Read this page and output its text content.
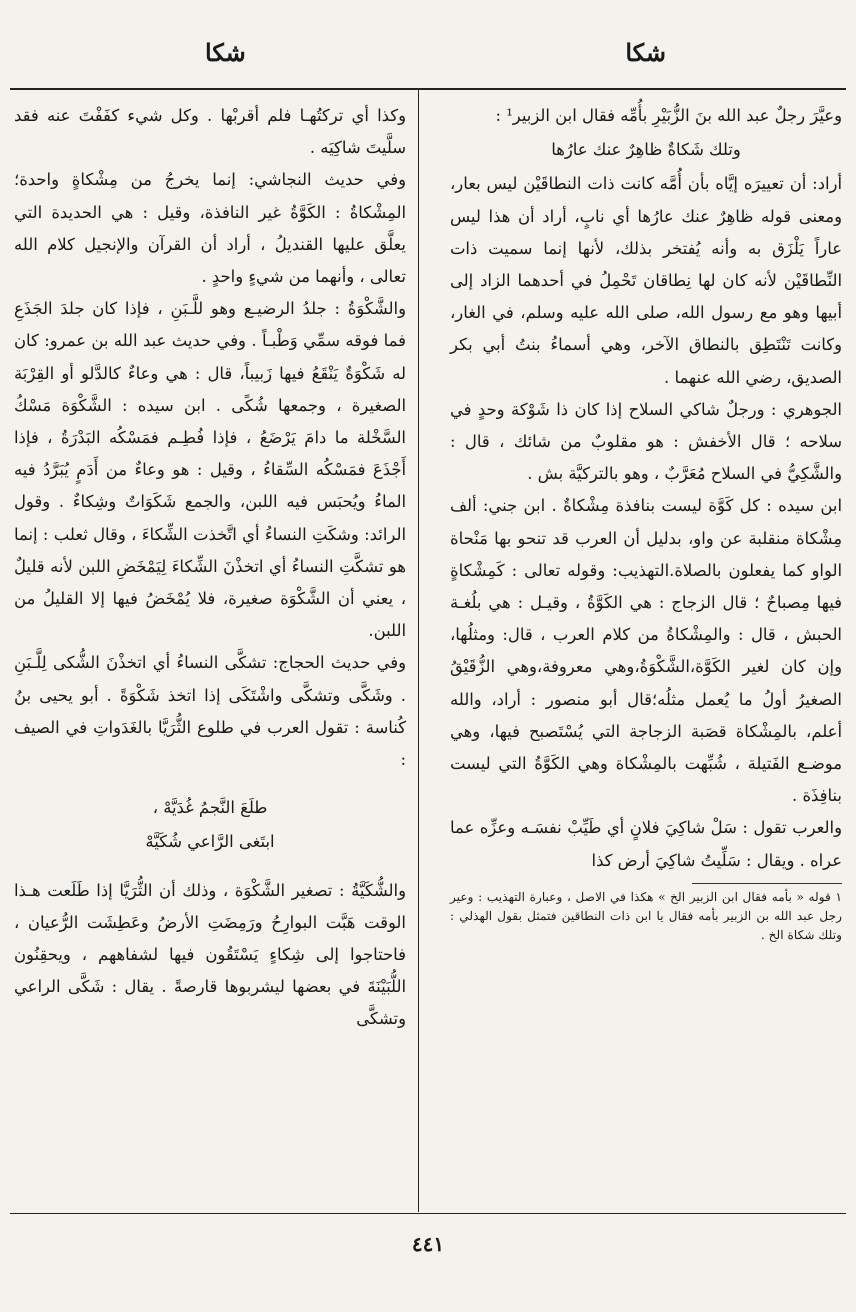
شكا
شكا

وعيَّرَ رجلٌ عبد الله بنَ الزُّبَيْرِ بأُمِّه فقال ابن الزبير¹ :

وتلك شَكاةٌ ظاهِرٌ عنك عارُها

أراد: أن تعييرَه إيَّاه بأن أُمَّه كانت ذات النطاقَيْن ليس بعار، ومعنى قوله ظاهِرٌ عنك عارُها أي نابٍ، أراد أن هذا ليس عاراً يَلْزَق به وأنه يُفتخر بذلك، لأنها إنما سميت ذات النِّطاقَيْن لأنه كان لها نِطاقان تَحْمِلُ في أحدهما الزاد إلى أبيها وهو مع رسول الله، صلى الله عليه وسلم، في الغار، وكانت تَنْتَطِق بالنطاق الآخر، وهي أسماءُ بنتُ أبي بكر الصديق، رضي الله عنهما .

الجوهري : ورجلٌ شاكي السلاح إذا كان ذا شَوْكة وحدٍ في سلاحه ؛ قال الأخفش : هو مقلوبٌ من شائك ، قال : والشَّكِيُّ في السلاح مُعَرَّبٌ ، وهو بالتركيَّة بش .

ابن سيده : كل كَوَّة ليست بنافذة مِشْكاةٌ . ابن جني: ألف مِشْكاة منقلبة عن واو، بدليل أن العرب قد تنحو بها مَنْحاة الواو كما يفعلون بالصلاة.التهذيب: وقوله تعالى : كَمِشْكاةٍ فيها مِصباحٌ ؛ قال الزجاج : هي الكَوَّةُ ، وقيـل : هي بلُغـة الحبش ، قال : والمِشْكاةُ من كلام العرب ، قال: ومثلُها، وإن كان لغير الكَوَّة،الشَّكْوَةُ،وهي معروفة،وهي الزُّقَيْقُ الصغيرُ أولُ ما يُعمل مثلُه؛قال أبو منصور : أراد، والله أعلم، بالمِشْكاة قصَبة الزجاجة التي يُسْتَصبح فيها، وهي موضـع الفَتيلة ، شُبِّهت بالمِشْكاة وهي الكَوَّةُ التي ليست بنافِذَة .

والعرب تقول : سَلْ شاكِيَ فلانٍ أي طَيِّبْ نفسَـه وعزِّه عما عراه . ويقال : سَلِّيتُ شاكِيَ أرض كذا

١ قوله « بأمه فقال ابن الزبير الخ » هكذا في الاصل ، وعبارة التهذيب : وعير رجل عبد الله بن الزبير بأمه فقال يا ابن ذات النطاقين فتمثل بقول الهذلي : وتلك شكاة الخ .

وكذا أي تركتُهـا فلم أقربْها . وكل شيء كفَفْتَ عنه فقد سلَّيتَ شاكِيَه .

وفي حديث النجاشي: إنما يخرجُ من مِشْكاةٍ واحدة؛ المِشْكاةُ : الكَوَّةُ غير النافذة، وقيل : هي الحديدة التي يعلَّق عليها القنديلُ ، أراد أن القرآن والإنجيل كلام الله تعالى ، وأنهما من شيءٍ واحدٍ .

والشَّكْوَةُ : جلدُ الرضيـع وهو للَّـبَنِ ، فإذا كان جلدَ الجَذَعِ فما فوقه سمِّي وَطْبـاً . وفي حديث عبد الله بن عمرو: كان له شَكْوَةٌ يَنْقَعُ فيها زَبيباً، قال : هي وعاءٌ كالدَّلو أو القِرْبَة الصغيرة ، وجمعها شُكًى . ابن سيده : الشَّكْوَة مَسْكُ السَّخْلة ما دامَ يَرْضَعُ ، فإذا فُطِـم فمَسْكُه البَدْرَةُ ، فإذا أَجْذَعَ فمَسْكُه السِّقاءُ ، وقيل : هو وعاءٌ من أَدَمٍ يُبَرَّدُ فيه الماءُ ويُحبَس فيه اللبن، والجمع شَكَوَاتٌ وشِكاءٌ . وقول الرائد: وشكَتِ النساءُ أي اتَّخذت الشِّكاءَ ، وقال ثعلب : إنما هو تشكَّتِ النساءُ أي اتخذْنَ الشِّكاءَ لِيَمْخَضِ اللبن لأنه قليلٌ ، يعني أن الشَّكْوَة صغيرة، فلا يُمْخَضُ فيها إلا القليلُ من اللبن.

وفي حديث الحجاج: تشكَّى النساءُ أي اتخذْنَ الشُّكى لِلَّـبَنِ . وشَكَّى وتشكَّى واشْتَكَى إذا اتخذ شَكْوَةً . أبو يحيى بنُ كُناسة : تقول العرب في طلوع الثُّرَيَّا بالغَدَواتِ في الصيف :

طلَعَ النَّجمُ غُدَيَّهْ ،

ابتَغى الرَّاعي شُكَيَّهْ

والشُّكَيَّةُ : تصغير الشَّكْوَة ، وذلك أن الثُّرَيَّا إذا طَلَعت هـذا الوقت هَبَّت البوارِحُ ورَمِضَتِ الأرضُ وعَطِشَت الرُّعيان ، فاحتاجوا إلى شِكاءٍ يَسْتَقُون فيها لشفاههم ، ويحقِنُون اللُّبَيْنَةَ في بعضها ليشربوها قارصةً . يقال : شَكَّى الراعي وتشكَّى

٤٤١
